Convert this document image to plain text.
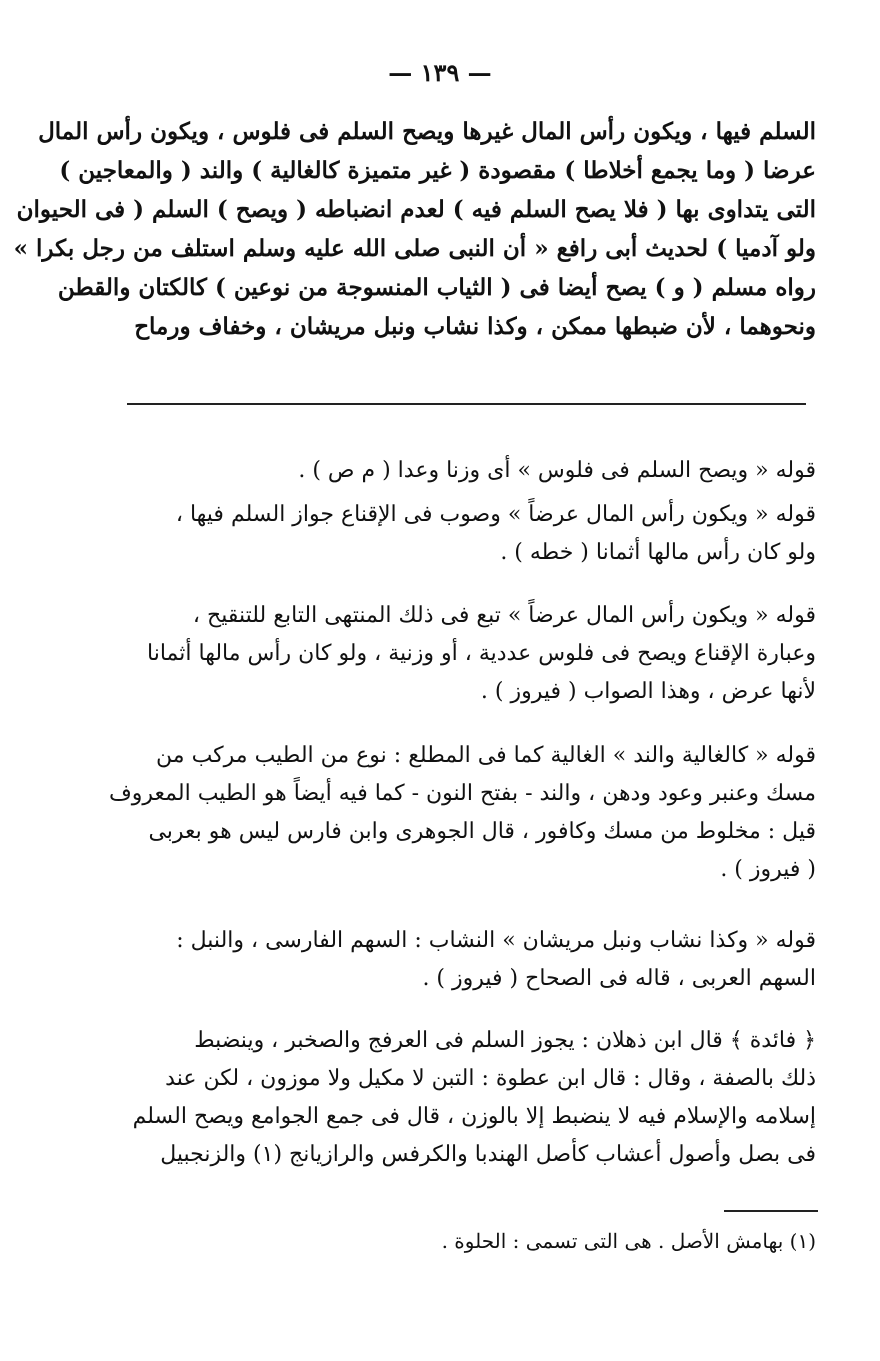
— ١٣٩ —
السلم فيها ، ويكون رأس المال غيرها ويصح السلم فى فلوس ، ويكون رأس المال
عرضا ( وما يجمع أخلاطا ) مقصودة ( غير متميزة كالغالية ) والند ( والمعاجين )
التى يتداوى بها ( فلا يصح السلم فيه ) لعدم انضباطه ( ويصح ) السلم ( فى الحيوان
ولو آدميا ) لحديث أبى رافع « أن النبى صلى الله عليه وسلم استلف من رجل بكرا »
رواه مسلم ( و ) يصح أيضا فى ( الثياب المنسوجة من نوعين ) كالكتان والقطن
ونحوهما ، لأن ضبطها ممكن ، وكذا نشاب ونبل مريشان ، وخفاف ورماح
قوله « ويصح السلم فى فلوس » أى وزنا وعدا ( م ص ) .
قوله « ويكون رأس المال عرضاً » وصوب فى الإقناع جواز السلم فيها ،
ولو كان رأس مالها أثمانا ( خطه ) .
قوله « ويكون رأس المال عرضاً » تبع فى ذلك المنتهى التابع للتنقيح ،
وعبارة الإقناع ويصح فى فلوس عددية ، أو وزنية ، ولو كان رأس مالها أثمانا
لأنها عرض ، وهذا الصواب ( فيروز ) .
قوله « كالغالية والند » الغالية كما فى المطلع : نوع من الطيب مركب من
مسك وعنبر وعود ودهن ، والند - بفتح النون - كما فيه أيضاً هو الطيب المعروف
قيل : مخلوط من مسك وكافور ، قال الجوهرى وابن فارس ليس هو بعربى
( فيروز ) .
قوله « وكذا نشاب ونبل مريشان » النشاب : السهم الفارسى ، والنبل :
السهم العربى ، قاله فى الصحاح ( فيروز ) .
﴿ فائدة ﴾ قال ابن ذهلان : يجوز السلم فى العرفج والصخبر ، وينضبط
ذلك بالصفة ، وقال : قال ابن عطوة : التبن لا مكيل ولا موزون ، لكن عند
إسلامه والإسلام فيه لا ينضبط إلا بالوزن ، قال فى جمع الجوامع ويصح السلم
فى بصل وأصول أعشاب كأصل الهندبا والكرفس والرازيانج (١) والزنجبيل
(١) بهامش الأصل . هى التى تسمى : الحلوة .
